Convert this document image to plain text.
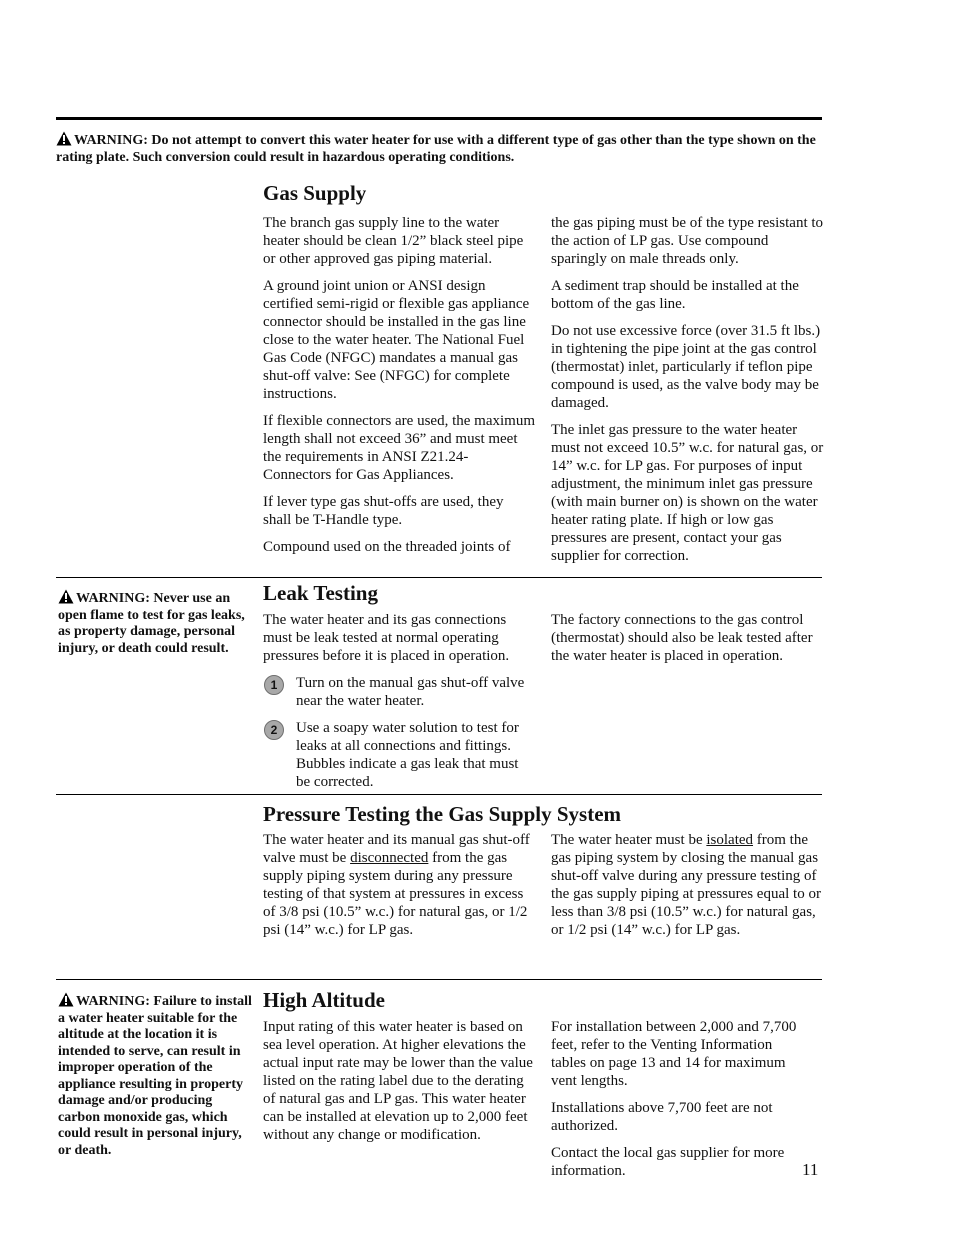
WARNING: Do not attempt to convert this water heater for use with a different type of gas other than the type shown on the rating plate. Such conversion could result in hazardous operating conditions.
Gas Supply

The branch gas supply line to the water heater should be clean 1/2” black steel pipe or other approved gas piping material.

A ground joint union or ANSI design certified semi-rigid or flexible gas appliance connector should be installed in the gas line close to the water heater. The National Fuel Gas Code (NFGC) mandates a manual gas shut-off valve: See (NFGC) for complete instructions.

If flexible connectors are used, the maximum length shall not exceed 36” and must meet the requirements in ANSI Z21.24-Connectors for Gas Appliances.

If lever type gas shut-offs are used, they shall be T-Handle type.

Compound used on the threaded joints of

the gas piping must be of the type resistant to the action of LP gas. Use compound sparingly on male threads only.

A sediment trap should be installed at the bottom of the gas line.

Do not use excessive force (over 31.5 ft lbs.) in tightening the pipe joint at the gas control (thermostat) inlet, particularly if teflon pipe compound is used, as the valve body may be damaged.

The inlet gas pressure to the water heater must not exceed 10.5” w.c. for natural gas, or 14” w.c. for LP gas. For purposes of input adjustment, the minimum inlet gas pressure (with main burner on) is shown on the water heater rating plate. If high or low gas pressures are present, contact your gas supplier for correction.

WARNING: Never use an open flame to test for gas leaks, as property damage, personal injury, or death could result.
Leak Testing

The water heater and its gas connections must be leak tested at normal operating pressures before it is placed in operation.

1	Turn on the manual gas shut-off valve near the water heater.
2	Use a soapy water solution to test for leaks at all connections and fittings. Bubbles indicate a gas leak that must be corrected.

The factory connections to the gas control (thermostat) should also be leak tested after the water heater is placed in operation.

Pressure Testing the Gas Supply System

The water heater and its manual gas shut-off valve must be disconnected from the gas supply piping system during any pressure testing of that system at pressures in excess of 3/8 psi (10.5” w.c.) for natural gas, or 1/2 psi (14” w.c.) for LP gas.

The water heater must be isolated from the gas piping system by closing the manual gas shut-off valve during any pressure testing of the gas supply piping at pressures equal to or less than 3/8 psi (10.5” w.c.) for natural gas, or 1/2 psi (14” w.c.) for LP gas.

WARNING: Failure to install a water heater suitable for the altitude at the location it is intended to serve, can result in improper operation of the appliance resulting in property damage and/or producing carbon monoxide gas, which could result in personal injury, or death.
High Altitude

Input rating of this water heater is based on sea level operation. At higher elevations the actual input rate may be lower than the value listed on the rating label due to the derating of natural gas and LP gas. This water heater can be installed at elevation up to 2,000 feet without any change or modification.

For installation between 2,000 and 7,700 feet, refer to the Venting Information tables on page 13 and 14 for maximum vent lengths.

Installations above 7,700 feet are not authorized.

Contact the local gas supplier for more information.	11
